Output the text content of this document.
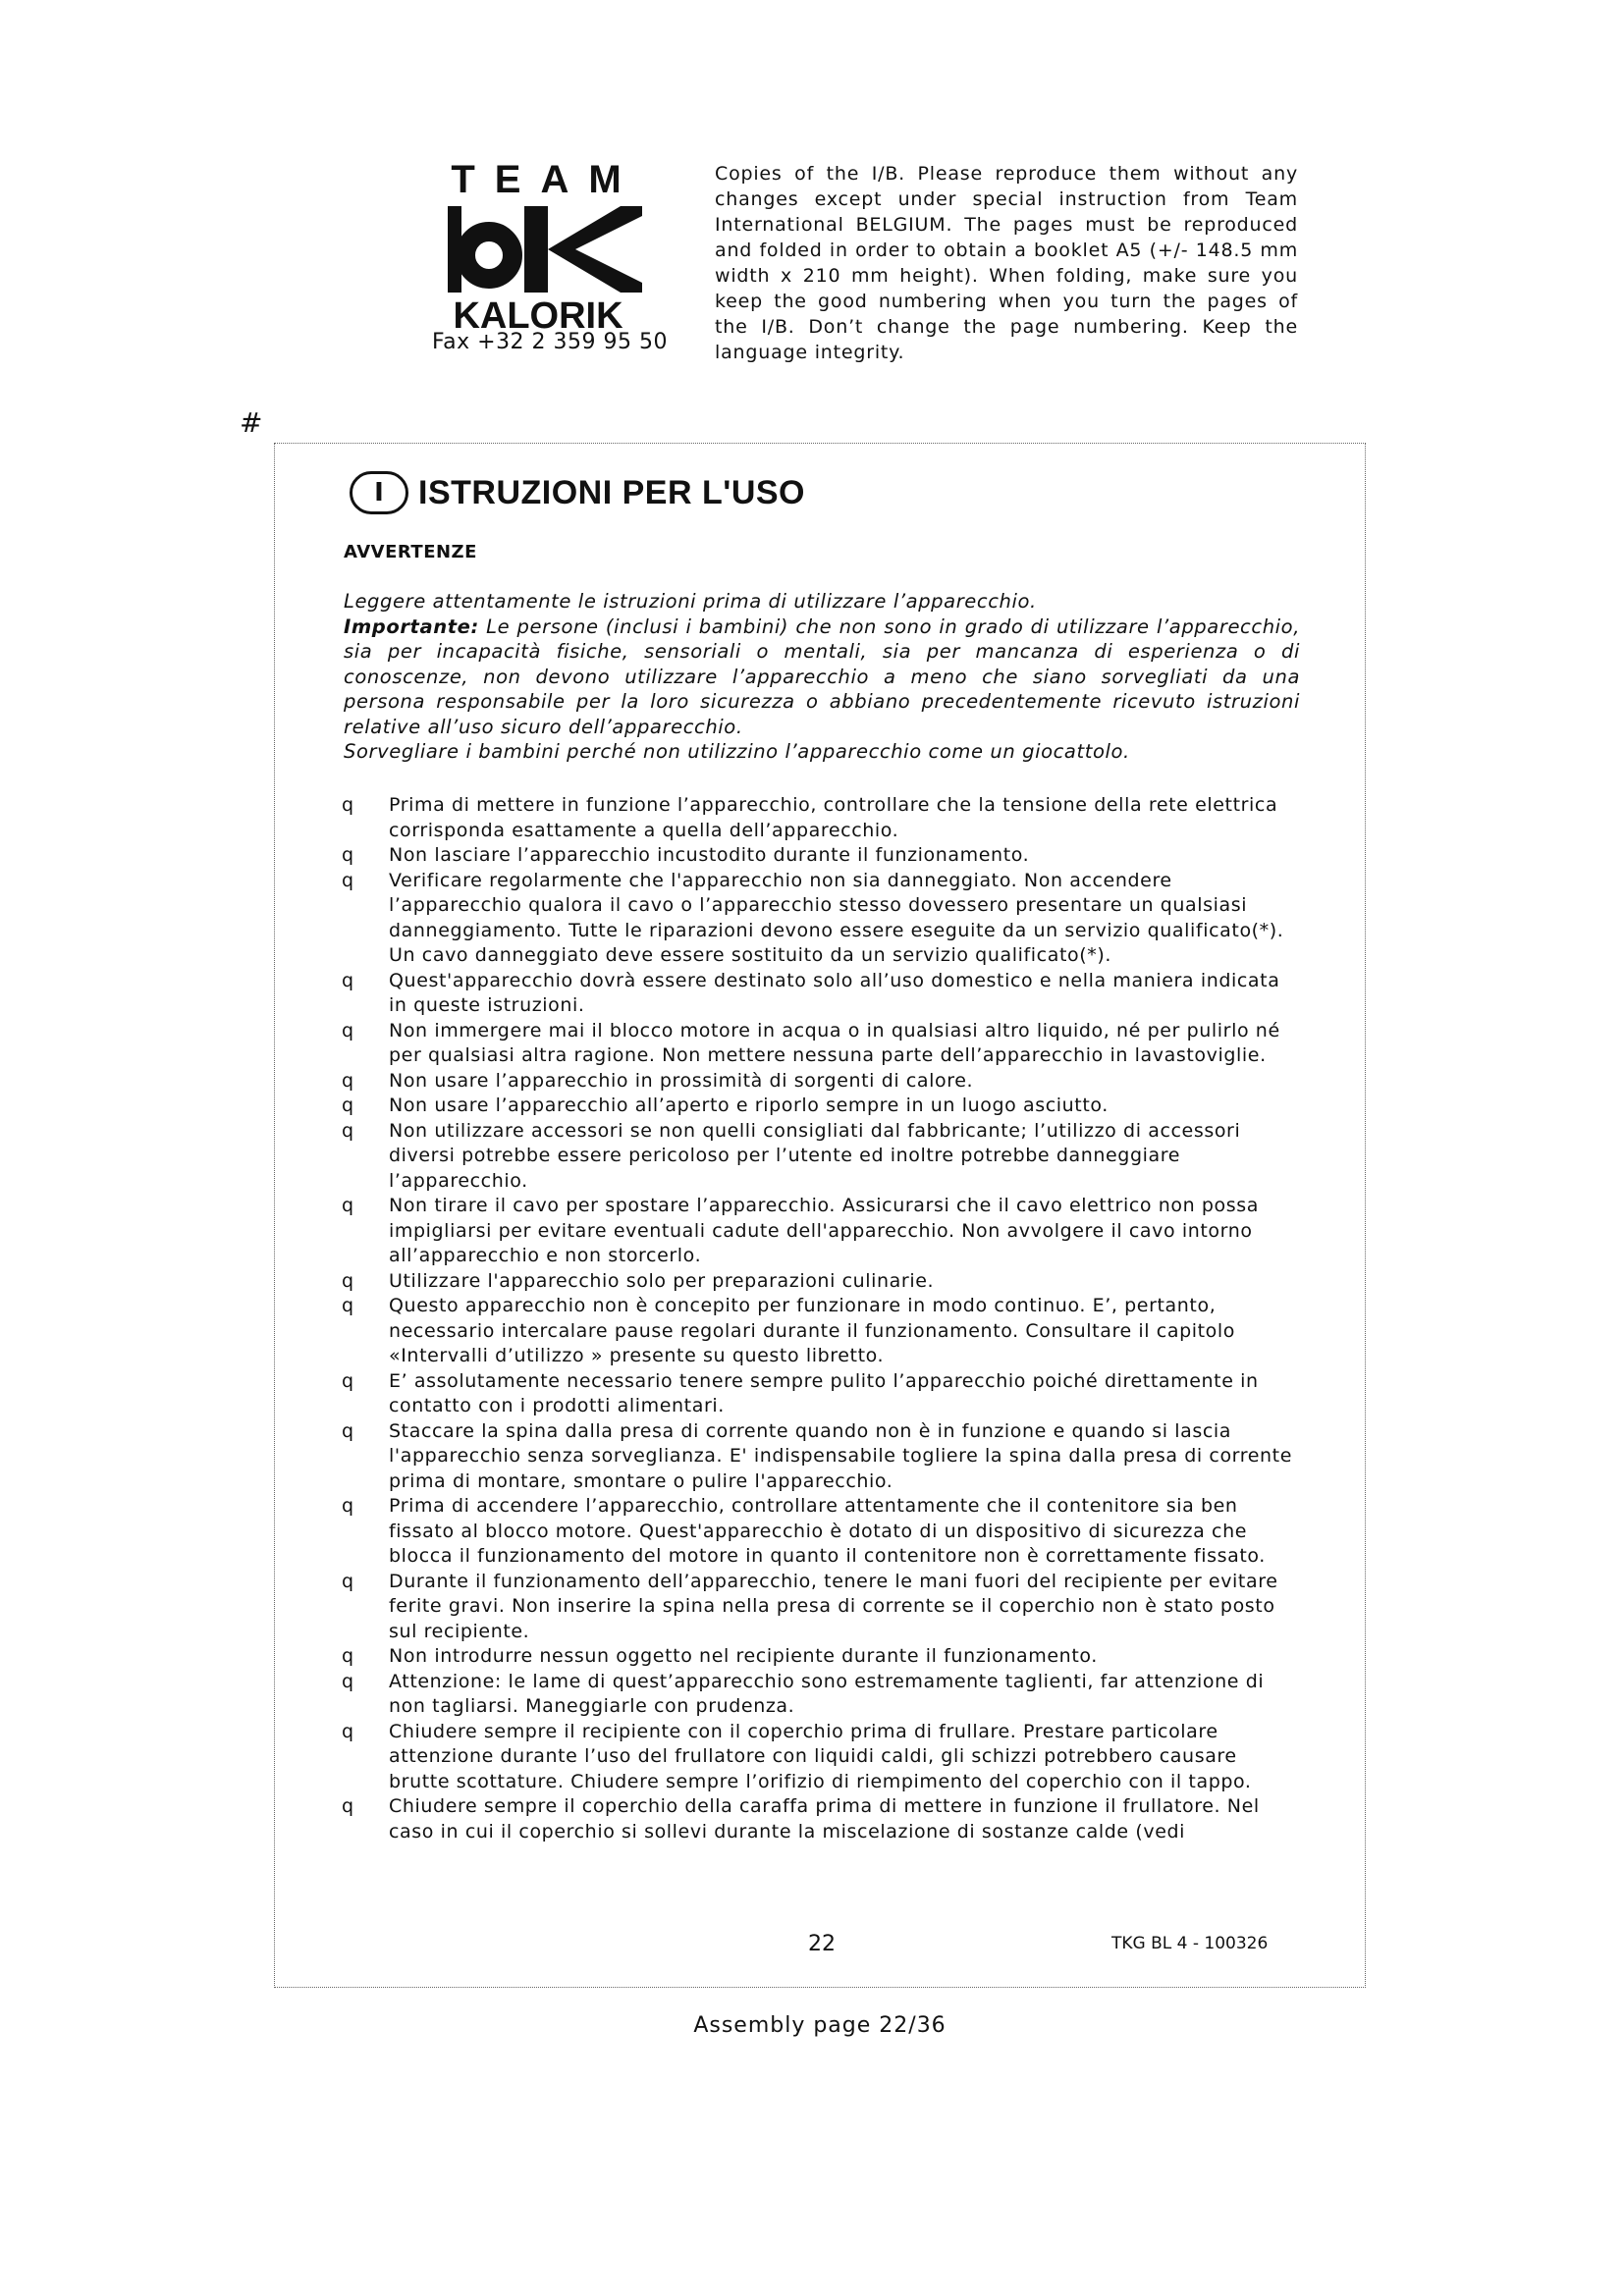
TEAM
KALORIK
Fax +32 2 359 95 50
Copies of the I/B. Please reproduce them without any changes except under special instruction from Team International BELGIUM. The pages must be reproduced and folded in order to obtain a booklet A5 (+/- 148.5 mm width x 210 mm height). When folding, make sure you keep the good numbering when you turn the pages of the I/B. Don’t change the page numbering. Keep the language integrity.
#
I	ISTRUZIONI PER L'USO
AVVERTENZE

Leggere attentamente le istruzioni prima di utilizzare l’apparecchio.

Importante: Le persone (inclusi i bambini) che non sono in grado di utilizzare l’apparecchio, sia per incapacità fisiche, sensoriali o mentali, sia per mancanza di esperienza o di conoscenze, non devono utilizzare l’apparecchio a meno che siano sorvegliati da una persona responsabile per la loro sicurezza o abbiano precedentemente ricevuto istruzioni relative all’uso sicuro dell’apparecchio.

Sorvegliare i bambini perché non utilizzino l’apparecchio come un giocattolo.

q	Prima di mettere in funzione l’apparecchio, controllare che la tensione della rete elettrica corrisponda esattamente a quella dell’apparecchio.
q	Non lasciare l’apparecchio incustodito durante il funzionamento.
q	Verificare regolarmente che l'apparecchio non sia danneggiato. Non accendere l’apparecchio qualora il cavo o l’apparecchio stesso dovessero presentare un qualsiasi danneggiamento. Tutte le riparazioni devono essere eseguite da un servizio qualificato(*). Un cavo danneggiato deve essere sostituito da un servizio qualificato(*).
q	Quest'apparecchio dovrà essere destinato solo all’uso domestico e nella maniera indicata in queste istruzioni.
q	Non immergere mai il blocco motore in acqua o in qualsiasi altro liquido, né per pulirlo né per qualsiasi altra ragione. Non mettere nessuna parte dell’apparecchio in lavastoviglie.
q	Non usare l’apparecchio in prossimità di sorgenti di calore.
q	Non usare l’apparecchio all’aperto e riporlo sempre in un luogo asciutto.
q	Non utilizzare accessori se non quelli consigliati dal fabbricante; l’utilizzo di accessori diversi potrebbe essere pericoloso per l’utente ed inoltre potrebbe danneggiare l’apparecchio.
q	Non tirare il cavo per spostare l’apparecchio. Assicurarsi che il cavo elettrico non possa impigliarsi per evitare eventuali cadute dell'apparecchio. Non avvolgere il cavo intorno all’apparecchio e non storcerlo.
q	Utilizzare l'apparecchio solo per preparazioni culinarie.
q	Questo apparecchio non è concepito per funzionare in modo continuo. E’, pertanto, necessario intercalare pause regolari durante il funzionamento. Consultare il capitolo «Intervalli d’utilizzo » presente su questo libretto.
q	E’ assolutamente necessario tenere sempre pulito l’apparecchio poiché direttamente in contatto con i prodotti alimentari.
q	Staccare la spina dalla presa di corrente quando non è in funzione e quando si lascia l'apparecchio senza sorveglianza. E' indispensabile togliere la spina dalla presa di corrente prima di montare, smontare o pulire l'apparecchio.
q	Prima di accendere l’apparecchio, controllare attentamente che il contenitore sia ben fissato al blocco motore. Quest'apparecchio è dotato di un dispositivo di sicurezza che blocca il funzionamento del motore in quanto il contenitore non è correttamente fissato.
q	Durante il funzionamento dell’apparecchio, tenere le mani fuori del recipiente per evitare ferite gravi. Non inserire la spina nella presa di corrente se il coperchio non è stato posto sul recipiente.
q	Non introdurre nessun oggetto nel recipiente durante il funzionamento.
q	Attenzione: le lame di quest’apparecchio sono estremamente taglienti, far attenzione di non tagliarsi. Maneggiarle con prudenza.
q	Chiudere sempre il recipiente con il coperchio prima di frullare. Prestare particolare attenzione durante l’uso del frullatore con liquidi caldi, gli schizzi potrebbero causare brutte scottature. Chiudere sempre l’orifizio di riempimento del coperchio con il tappo.
q	Chiudere sempre il coperchio della caraffa prima di mettere in funzione il frullatore. Nel caso in cui il coperchio si sollevi durante la miscelazione di sostanze calde (vedi
22	TKG BL 4 - 100326
Assembly page 22/36
